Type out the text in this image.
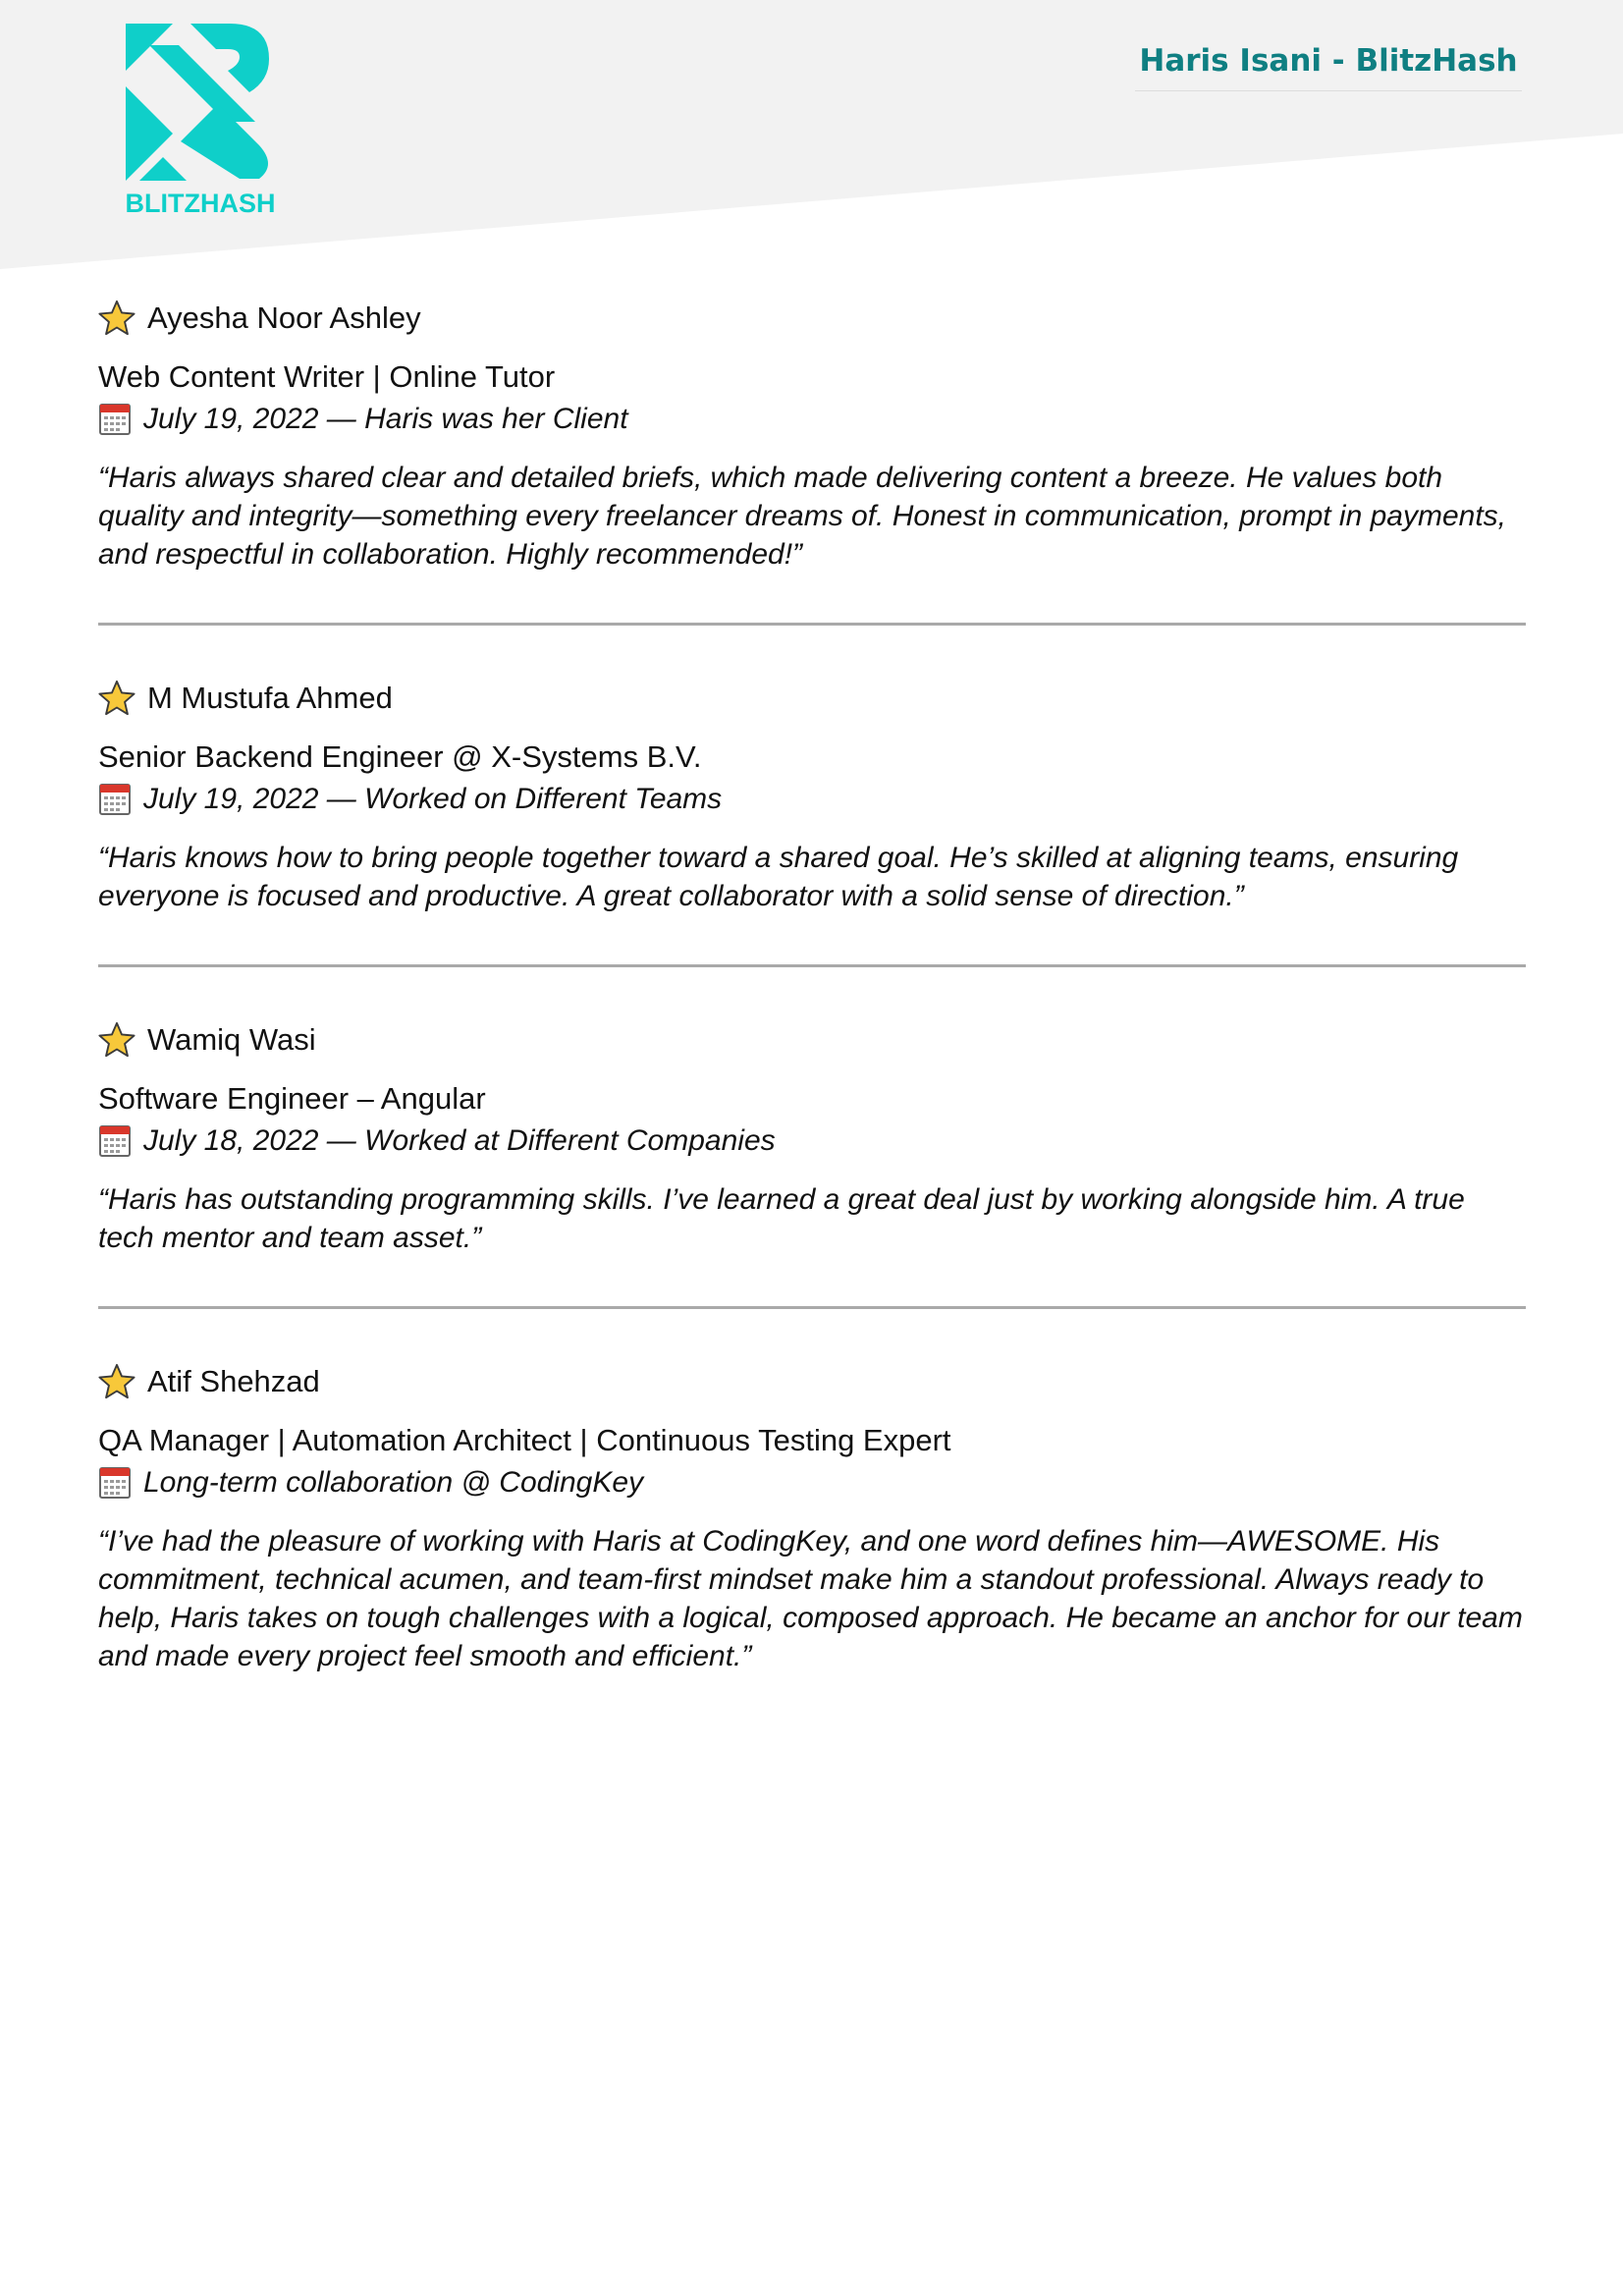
BLITZHASH
Haris Isani - BlitzHash

Ayesha Noor Ashley

Web Content Writer | Online Tutor

July 19, 2022 — Haris was her Client

“Haris always shared clear and detailed briefs, which made delivering content a breeze. He values both quality and integrity—something every freelancer dreams of. Honest in communication, prompt in payments, and respectful in collaboration. Highly recommended!”

M Mustufa Ahmed

Senior Backend Engineer @ X-Systems B.V.

July 19, 2022 — Worked on Different Teams

“Haris knows how to bring people together toward a shared goal. He’s skilled at aligning teams, ensuring everyone is focused and productive. A great collaborator with a solid sense of direction.”

Wamiq Wasi

Software Engineer – Angular

July 18, 2022 — Worked at Different Companies

“Haris has outstanding programming skills. I’ve learned a great deal just by working alongside him. A true tech mentor and team asset.”

Atif Shehzad

QA Manager | Automation Architect | Continuous Testing Expert

Long-term collaboration @ CodingKey

“I’ve had the pleasure of working with Haris at CodingKey, and one word defines him—AWESOME. His commitment, technical acumen, and team-first mindset make him a standout professional. Always ready to help, Haris takes on tough challenges with a logical, composed approach. He became an anchor for our team and made every project feel smooth and efficient.”
